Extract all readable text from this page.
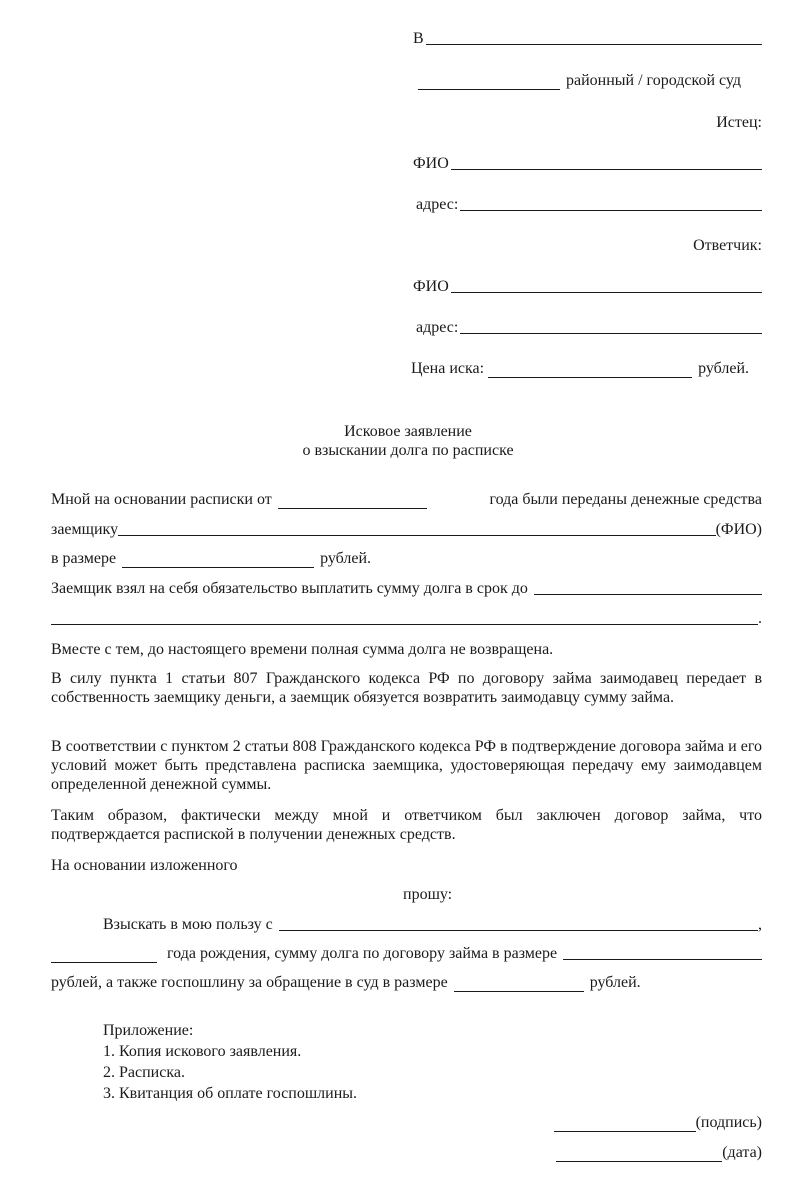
В
районный / городской суд
Истец:
ФИО
адрес:
Ответчик:
ФИО
адрес:
Цена иска:	рублей.
Исковое заявление
о взыскании долга по расписке
Мной на основании расписки от	года были переданы денежные средства
заемщику	(ФИО)
в размере	рублей.
Заемщик взял на себя обязательство выплатить сумму долга в срок до
.
Вместе с тем, до настоящего времени полная сумма долга не возвращена.
В силу пункта 1 статьи 807 Гражданского кодекса РФ по договору займа заимодавец передает в собственность заемщику деньги, а заемщик обязуется возвратить заимодавцу сумму займа.
В соответствии с пунктом 2 статьи 808 Гражданского кодекса РФ в подтверждение договора займа и его условий может быть представлена расписка заемщика, удостоверяющая передачу ему заимодавцем определенной денежной суммы.
Таким образом, фактически между мной и ответчиком был заключен договор займа, что подтверждается распиской в получении денежных средств.
На основании изложенного
прошу:
Взыскать в мою пользу с	,
года рождения, сумму долга по договору займа в размере
рублей, а также госпошлину за обращение в суд в размере	рублей.
Приложение:
1. Копия искового заявления.
2. Расписка.
3. Квитанция об оплате госпошлины.
(подпись)
(дата)
